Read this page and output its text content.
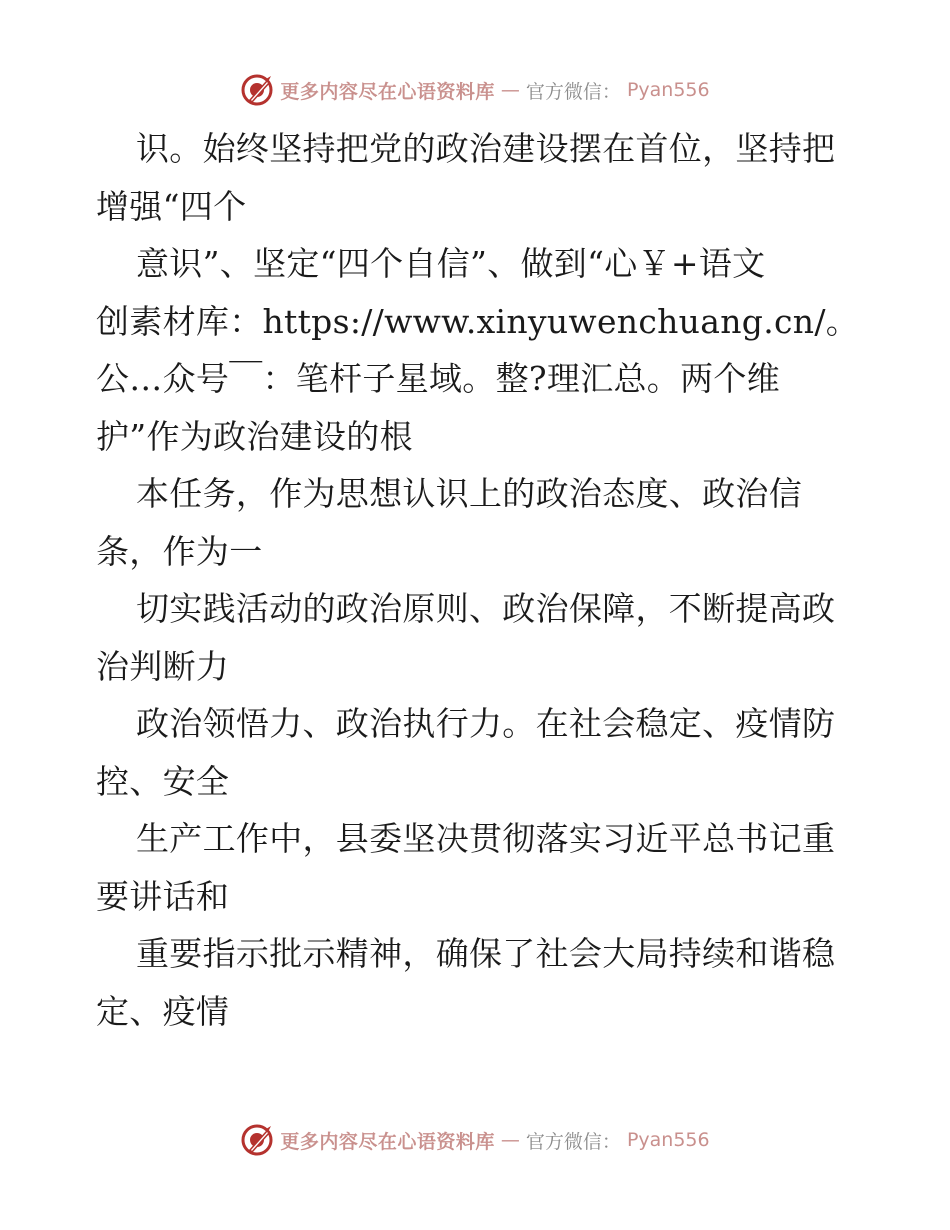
更多内容尽在心语资料库 — 官方微信： Pyan556
识。始终坚持把党的政治建设摆在首位，坚持把
增强“四个
意识”、坚定“四个自信”、做到“心￥+语文
创素材库：https://www.xinyuwenchuang.cn/。
公…众号￣：笔杆子星域。整?理汇总。两个维
护”作为政治建设的根
本任务，作为思想认识上的政治态度、政治信
条，作为一
切实践活动的政治原则、政治保障，不断提高政
治判断力
政治领悟力、政治执行力。在社会稳定、疫情防
控、安全
生产工作中，县委坚决贯彻落实习近平总书记重
要讲话和
重要指示批示精神，确保了社会大局持续和谐稳
定、疫情
更多内容尽在心语资料库 — 官方微信： Pyan556
